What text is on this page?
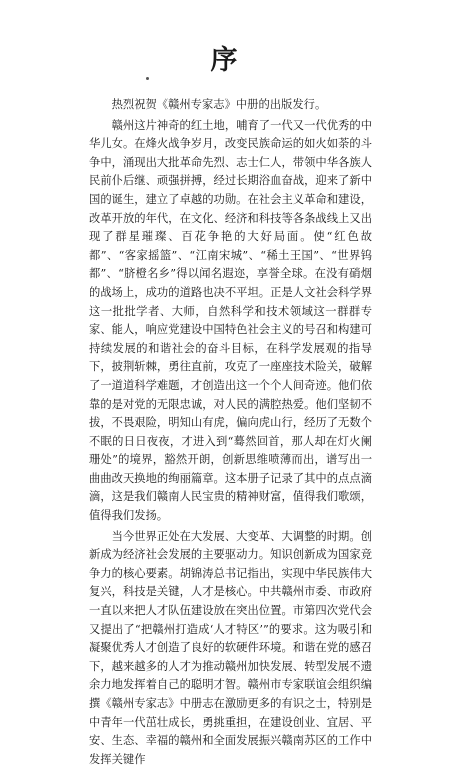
序

热烈祝贺《赣州专家志》中册的出版发行。

赣州这片神奇的红土地，哺育了一代又一代优秀的中华儿女。在烽火战争岁月，改变民族命运的如火如荼的斗争中，涌现出大批革命先烈、志士仁人，带领中华各族人民前仆后继、顽强拼搏，经过长期浴血奋战，迎来了新中国的诞生，建立了卓越的功勋。在社会主义革命和建设，改革开放的年代，在文化、经济和科技等各条战线上又出现了群星璀璨、百花争艳的大好局面。使“红色故都”、“客家摇篮”、“江南宋城”、“稀土王国”、“世界钨都”、“脐橙名乡”得以闻名遐迩，享誉全球。在没有硝烟的战场上，成功的道路也决不平坦。正是人文社会科学界这一批批学者、大师，自然科学和技术领域这一群群专家、能人，响应党建设中国特色社会主义的号召和构建可持续发展的和谐社会的奋斗目标，在科学发展观的指导下，披荆斩棘，勇往直前，攻克了一座座技术险关，破解了一道道科学难题，才创造出这一个个人间奇迹。他们依靠的是对党的无限忠诚，对人民的满腔热爱。他们坚韧不拔，不畏艰险，明知山有虎，偏向虎山行，经历了无数个不眠的日日夜夜，才进入到“蓦然回首，那人却在灯火阑珊处”的境界，豁然开朗，创新思维喷薄而出，谱写出一曲曲改天换地的绚丽篇章。这本册子记录了其中的点点滴滴，这是我们赣南人民宝贵的精神财富，值得我们歌颂，值得我们发扬。

当今世界正处在大发展、大变革、大调整的时期。创新成为经济社会发展的主要驱动力。知识创新成为国家竞争力的核心要素。胡锦涛总书记指出，实现中华民族伟大复兴，科技是关键，人才是核心。中共赣州市委、市政府一直以来把人才队伍建设放在突出位置。市第四次党代会又提出了“把赣州打造成‘人才特区’”的要求。这为吸引和凝聚优秀人才创造了良好的软硬件环境。和谐在党的感召下，越来越多的人才为推动赣州加快发展、转型发展不遗余力地发挥着自己的聪明才智。赣州市专家联谊会组织编撰《赣州专家志》中册志在激励更多的有识之士，特别是中青年一代茁壮成长，勇挑重担，在建设创业、宜居、平安、生态、幸福的赣州和全面发展振兴赣南苏区的工作中发挥关键作
